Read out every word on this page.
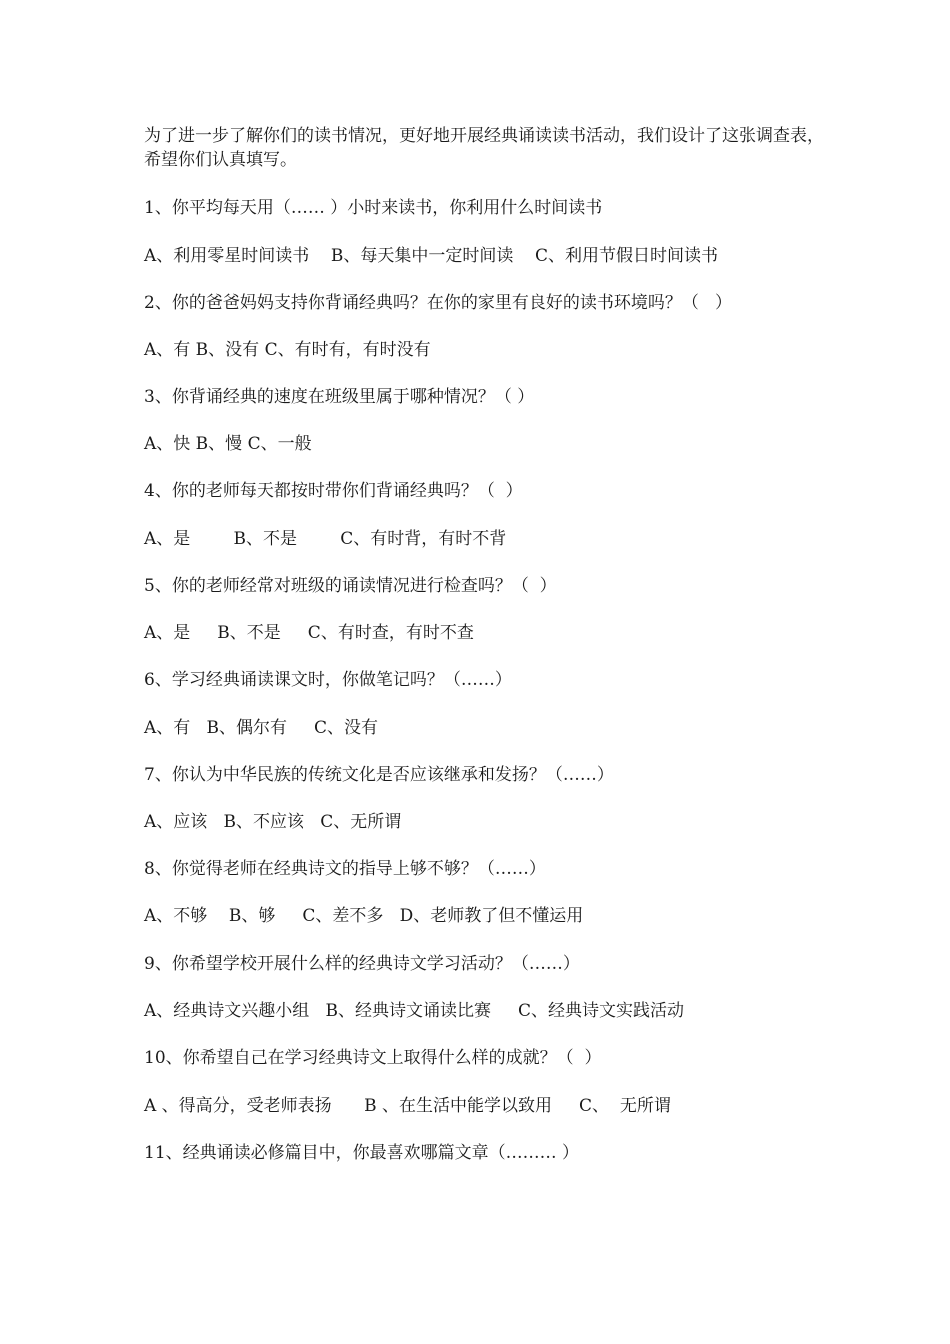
为了进一步了解你们的读书情况，更好地开展经典诵读读书活动，我们设计了这张调查表，希望你们认真填写。
1、你平均每天用（…… ）小时来读书，你利用什么时间读书
A、利用零星时间读书    B、每天集中一定时间读    C、利用节假日时间读书
2、你的爸爸妈妈支持你背诵经典吗？在你的家里有良好的读书环境吗？（   ）
A、有 B、没有 C、有时有，有时没有
3、你背诵经典的速度在班级里属于哪种情况？（ ）
A、快 B、慢 C、一般
4、你的老师每天都按时带你们背诵经典吗？（  ）
A、是        B、不是        C、有时背，有时不背
5、你的老师经常对班级的诵读情况进行检查吗？（  ）
A、是     B、不是     C、有时查，有时不查
6、学习经典诵读课文时，你做笔记吗？（……）
A、有   B、偶尔有     C、没有
7、你认为中华民族的传统文化是否应该继承和发扬？（……）
A、应该   B、不应该   C、无所谓
8、你觉得老师在经典诗文的指导上够不够？（……）
A、不够    B、够     C、差不多   D、老师教了但不懂运用
9、你希望学校开展什么样的经典诗文学习活动？（……）
A、经典诗文兴趣小组   B、经典诗文诵读比赛     C、经典诗文实践活动
10、你希望自己在学习经典诗文上取得什么样的成就？（  ）
A 、得高分，受老师表扬      B 、在生活中能学以致用     C、  无所谓
11、经典诵读必修篇目中，你最喜欢哪篇文章（……… ）
